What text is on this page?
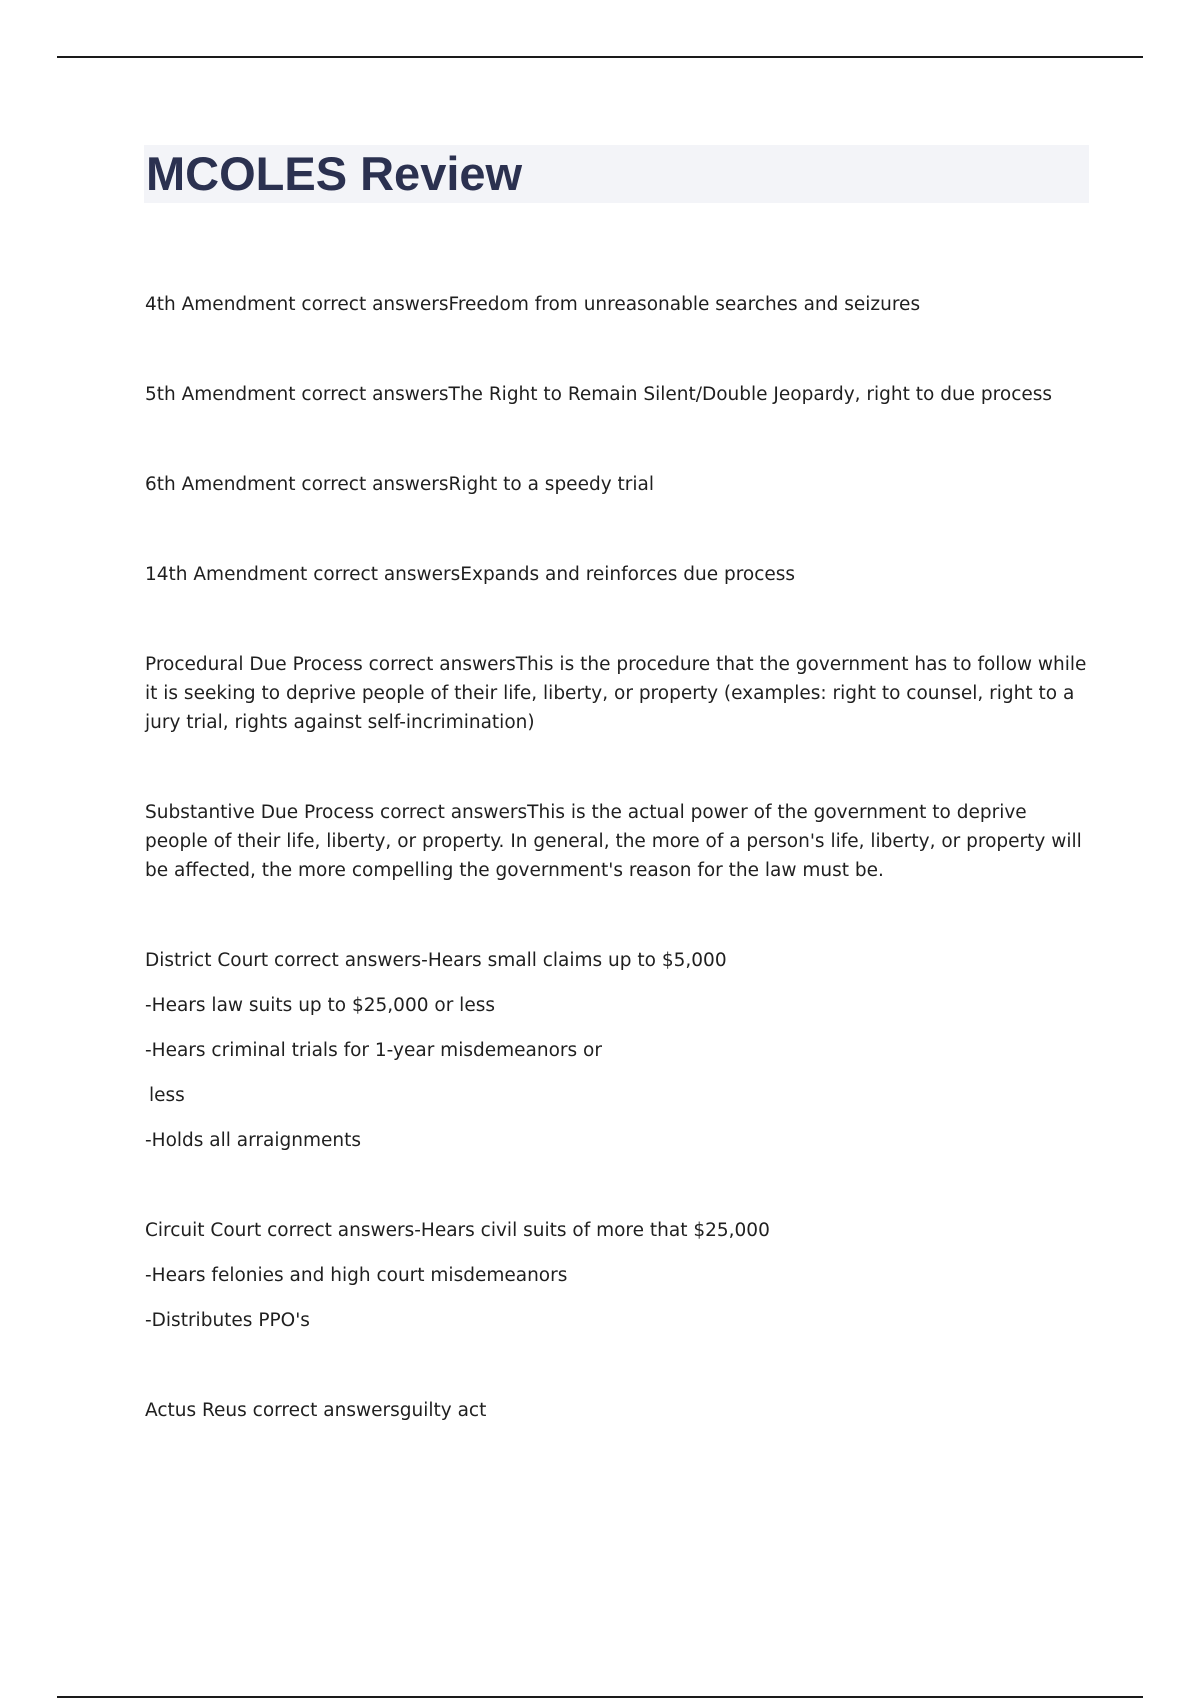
MCOLES Review

4th Amendment correct answersFreedom from unreasonable searches and seizures

5th Amendment correct answersThe Right to Remain Silent/Double Jeopardy, right to due process

6th Amendment correct answersRight to a speedy trial

14th Amendment correct answersExpands and reinforces due process

Procedural Due Process correct answersThis is the procedure that the government has to follow while it is seeking to deprive people of their life, liberty, or property (examples: right to counsel, right to a jury trial, rights against self-incrimination)

Substantive Due Process correct answersThis is the actual power of the government to deprive people of their life, liberty, or property. In general, the more of a person's life, liberty, or property will be affected, the more compelling the government's reason for the law must be.

District Court correct answers-Hears small claims up to $5,000

-Hears law suits up to $25,000 or less

-Hears criminal trials for 1-year misdemeanors or

less

-Holds all arraignments

Circuit Court correct answers-Hears civil suits of more that $25,000

-Hears felonies and high court misdemeanors

-Distributes PPO's

Actus Reus correct answersguilty act
